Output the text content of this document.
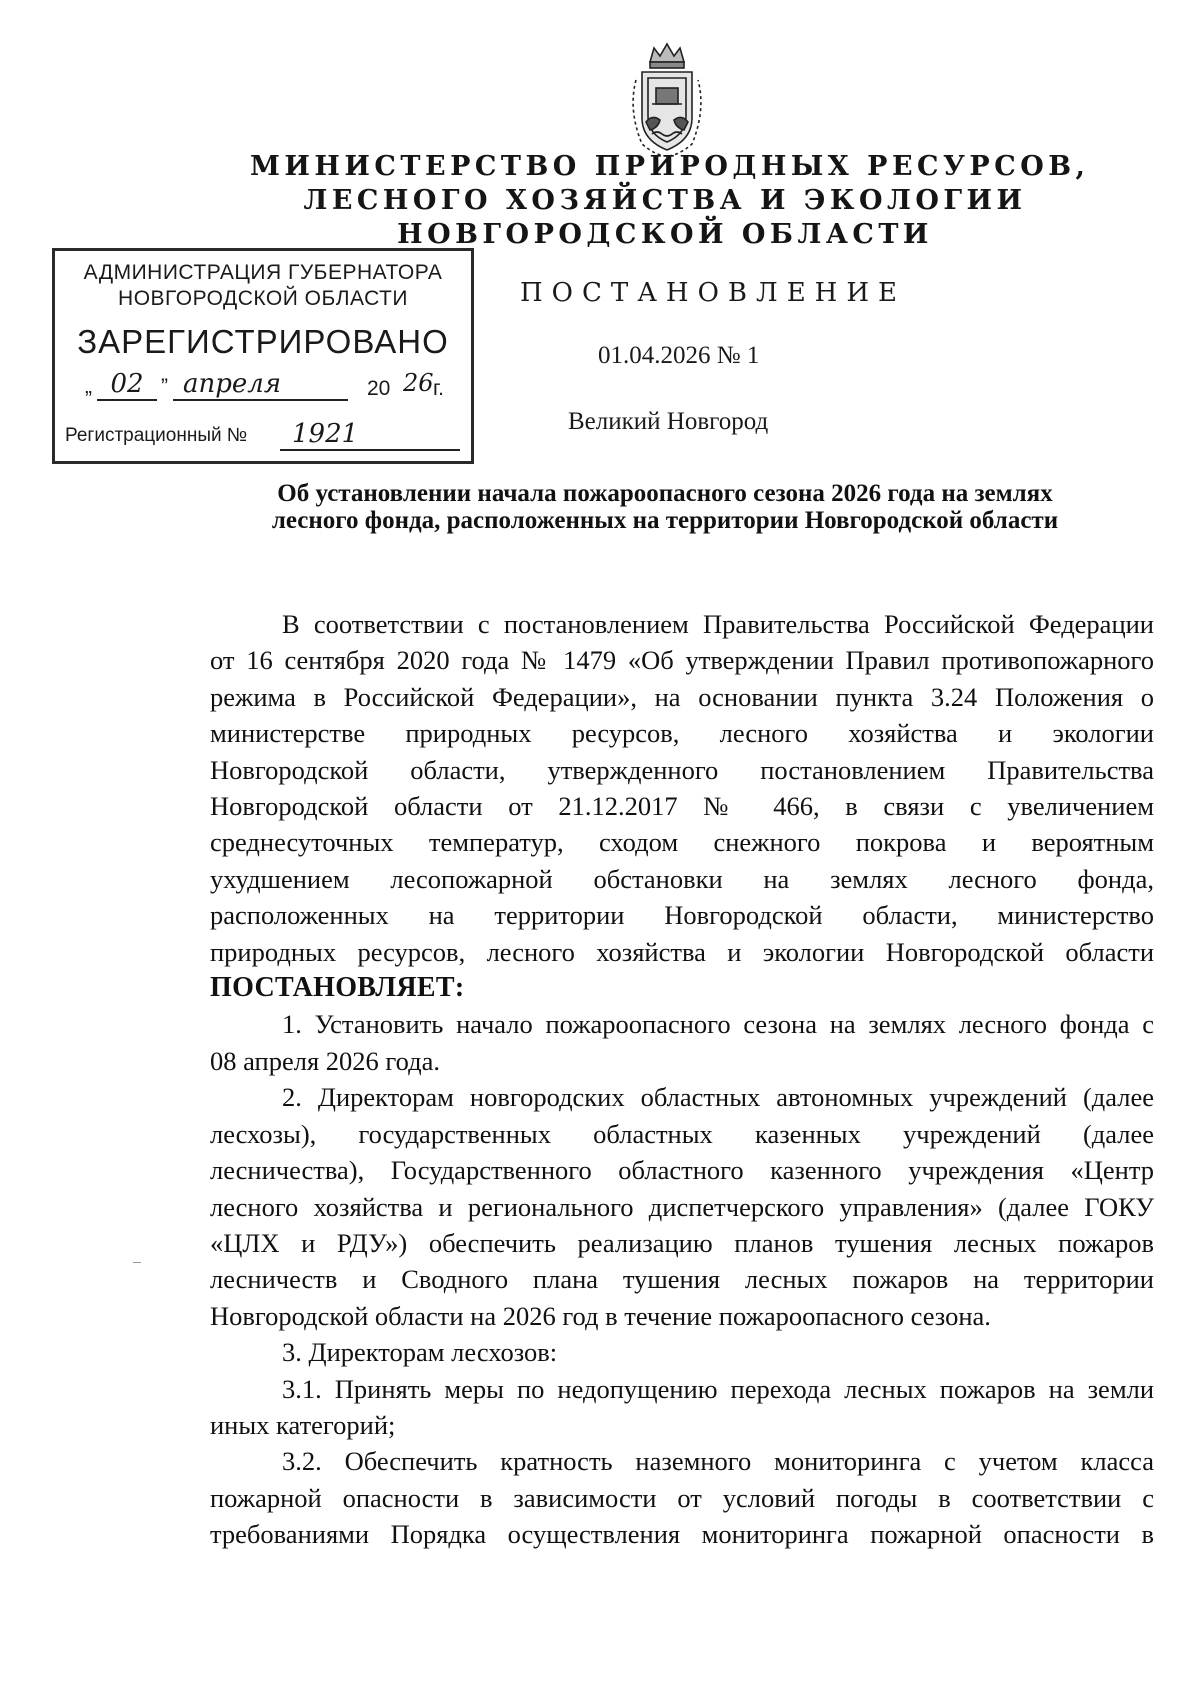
МИНИСТЕРСТВО ПРИРОДНЫХ РЕСУРСОВ,
ЛЕСНОГО ХОЗЯЙСТВА И ЭКОЛОГИИ
НОВГОРОДСКОЙ ОБЛАСТИ
АДМИНИСТРАЦИЯ ГУБЕРНАТОРА
НОВГОРОДСКОЙ ОБЛАСТИ
ЗАРЕГИСТРИРОВАНО
„ 02 ” апреля	20 26 г.
Регистрационный №	1921
ПОСТАНОВЛЕНИЕ
01.04.2026 № 1
Великий Новгород
Об установлении начала пожароопасного сезона 2026 года на землях
лесного фонда, расположенных на территории Новгородской области
В соответствии с постановлением Правительства Российской Федерации
от 16 сентября 2020 года № 1479 «Об утверждении Правил противопожарного
режима в Российской Федерации», на основании пункта 3.24 Положения о
министерстве природных ресурсов, лесного хозяйства и экологии
Новгородской области, утвержденного постановлением Правительства
Новгородской области от 21.12.2017 № 466, в связи с увеличением
среднесуточных температур, сходом снежного покрова и вероятным
ухудшением лесопожарной обстановки на землях лесного фонда,
расположенных на территории Новгородской области, министерство
природных ресурсов, лесного хозяйства и экологии Новгородской области
ПОСТАНОВЛЯЕТ:
1. Установить начало пожароопасного сезона на землях лесного фонда с
08 апреля 2026 года.
2. Директорам новгородских областных автономных учреждений (далее
лесхозы), государственных областных казенных учреждений (далее
лесничества), Государственного областного казенного учреждения «Центр
лесного хозяйства и регионального диспетчерского управления» (далее ГОКУ
«ЦЛХ и РДУ») обеспечить реализацию планов тушения лесных пожаров
лесничеств и Сводного плана тушения лесных пожаров на территории
Новгородской области на 2026 год в течение пожароопасного сезона.
3. Директорам лесхозов:
3.1. Принять меры по недопущению перехода лесных пожаров на земли
иных категорий;
3.2. Обеспечить кратность наземного мониторинга с учетом класса
пожарной опасности в зависимости от условий погоды в соответствии с
требованиями Порядка осуществления мониторинга пожарной опасности в
